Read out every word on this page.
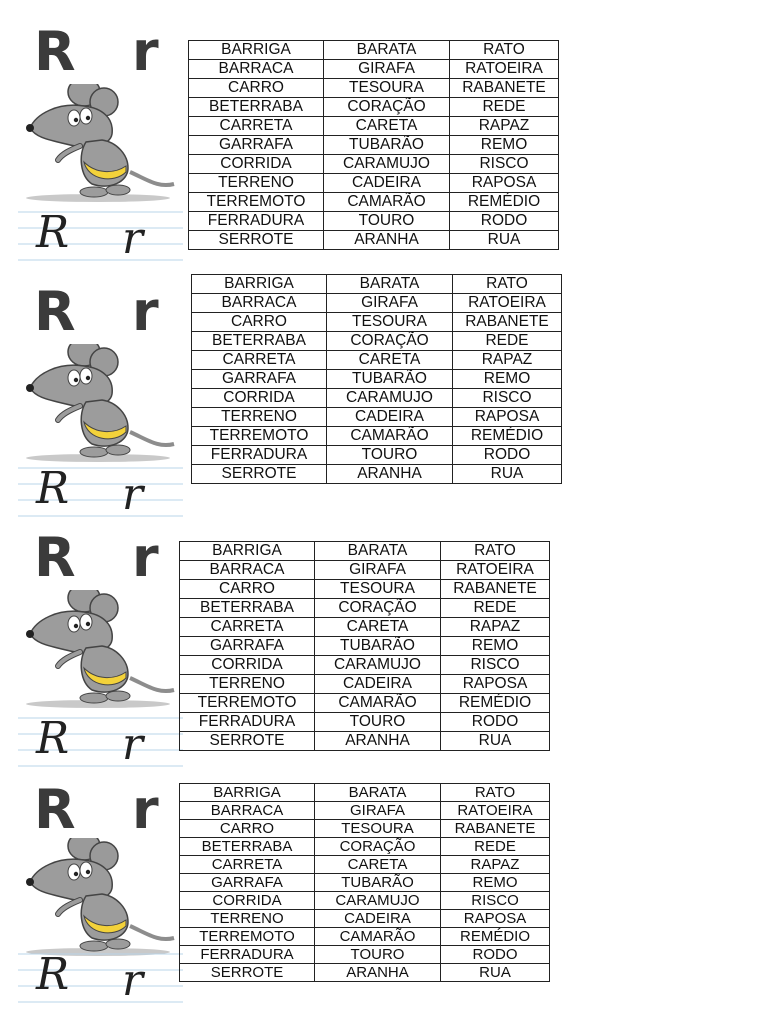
R r
R r
BARRIGA	BARATA	RATO
BARRACA	GIRAFA	RATOEIRA
CARRO	TESOURA	RABANETE
BETERRABA	CORAÇÃO	REDE
CARRETA	CARETA	RAPAZ
GARRAFA	TUBARÃO	REMO
CORRIDA	CARAMUJO	RISCO
TERRENO	CADEIRA	RAPOSA
TERREMOTO	CAMARÃO	REMÉDIO
FERRADURA	TOURO	RODO
SERROTE	ARANHA	RUA
R r
R r
BARRIGA	BARATA	RATO
BARRACA	GIRAFA	RATOEIRA
CARRO	TESOURA	RABANETE
BETERRABA	CORAÇÃO	REDE
CARRETA	CARETA	RAPAZ
GARRAFA	TUBARÃO	REMO
CORRIDA	CARAMUJO	RISCO
TERRENO	CADEIRA	RAPOSA
TERREMOTO	CAMARÃO	REMÉDIO
FERRADURA	TOURO	RODO
SERROTE	ARANHA	RUA
R r
R r
BARRIGA	BARATA	RATO
BARRACA	GIRAFA	RATOEIRA
CARRO	TESOURA	RABANETE
BETERRABA	CORAÇÃO	REDE
CARRETA	CARETA	RAPAZ
GARRAFA	TUBARÃO	REMO
CORRIDA	CARAMUJO	RISCO
TERRENO	CADEIRA	RAPOSA
TERREMOTO	CAMARÃO	REMÉDIO
FERRADURA	TOURO	RODO
SERROTE	ARANHA	RUA
R r
R r
BARRIGA	BARATA	RATO
BARRACA	GIRAFA	RATOEIRA
CARRO	TESOURA	RABANETE
BETERRABA	CORAÇÃO	REDE
CARRETA	CARETA	RAPAZ
GARRAFA	TUBARÃO	REMO
CORRIDA	CARAMUJO	RISCO
TERRENO	CADEIRA	RAPOSA
TERREMOTO	CAMARÃO	REMÉDIO
FERRADURA	TOURO	RODO
SERROTE	ARANHA	RUA
